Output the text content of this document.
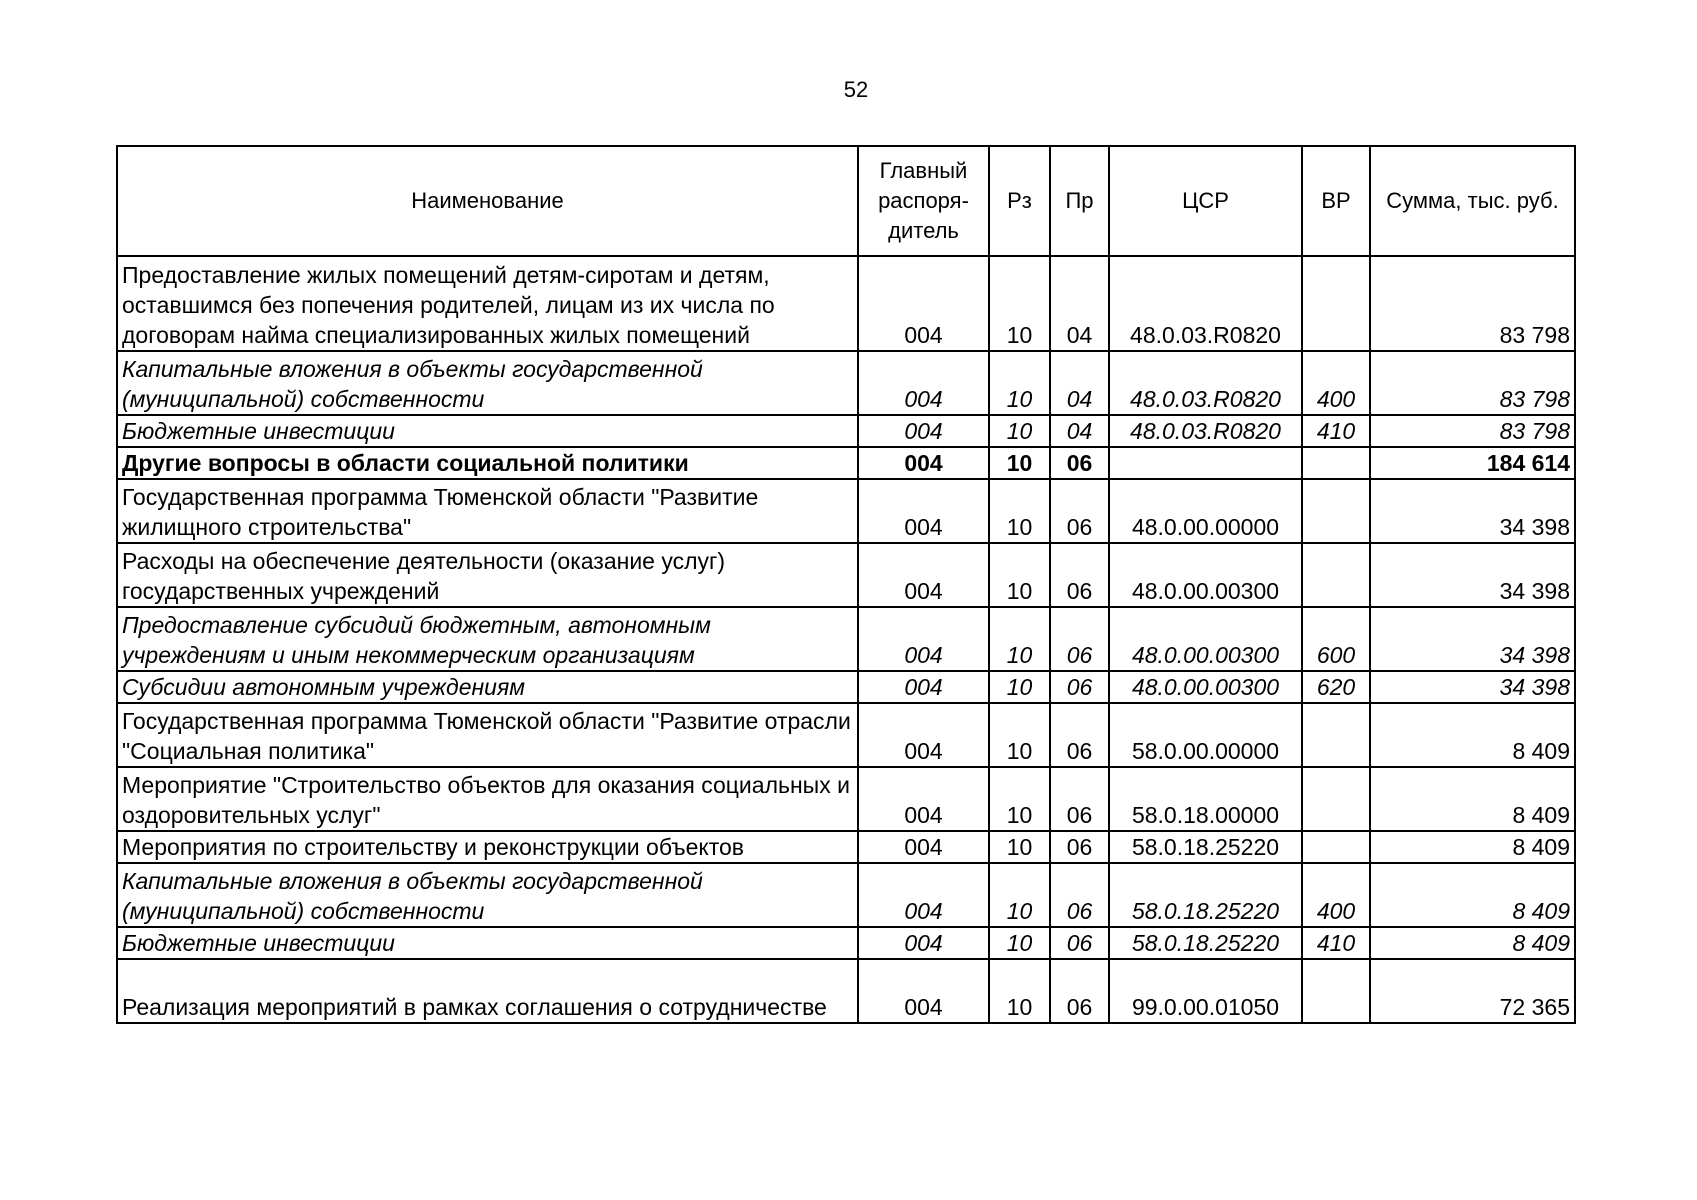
52
Наименование	Главный распоря-дитель	Рз	Пр	ЦСР	ВР	Сумма, тыс. руб.
Предоставление жилых помещений детям-сиротам и детям, оставшимся без попечения родителей, лицам из их числа по договорам найма специализированных жилых помещений	004	10	04	48.0.03.R0820		83 798
Капитальные вложения в объекты государственной (муниципальной) собственности	004	10	04	48.0.03.R0820	400	83 798
Бюджетные инвестиции	004	10	04	48.0.03.R0820	410	83 798
Другие вопросы в области социальной политики	004	10	06			184 614
Государственная программа Тюменской области "Развитие жилищного строительства"	004	10	06	48.0.00.00000		34 398
Расходы на обеспечение деятельности (оказание услуг) государственных учреждений	004	10	06	48.0.00.00300		34 398
Предоставление субсидий бюджетным, автономным учреждениям и иным некоммерческим организациям	004	10	06	48.0.00.00300	600	34 398
Субсидии автономным учреждениям	004	10	06	48.0.00.00300	620	34 398
Государственная программа Тюменской области "Развитие отрасли "Социальная политика"	004	10	06	58.0.00.00000		8 409
Мероприятие "Строительство объектов для оказания социальных и оздоровительных услуг"	004	10	06	58.0.18.00000		8 409
Мероприятия по строительству и реконструкции объектов	004	10	06	58.0.18.25220		8 409
Капитальные вложения в объекты государственной (муниципальной) собственности	004	10	06	58.0.18.25220	400	8 409
Бюджетные инвестиции	004	10	06	58.0.18.25220	410	8 409
Реализация мероприятий в рамках соглашения о сотрудничестве	004	10	06	99.0.00.01050		72 365
